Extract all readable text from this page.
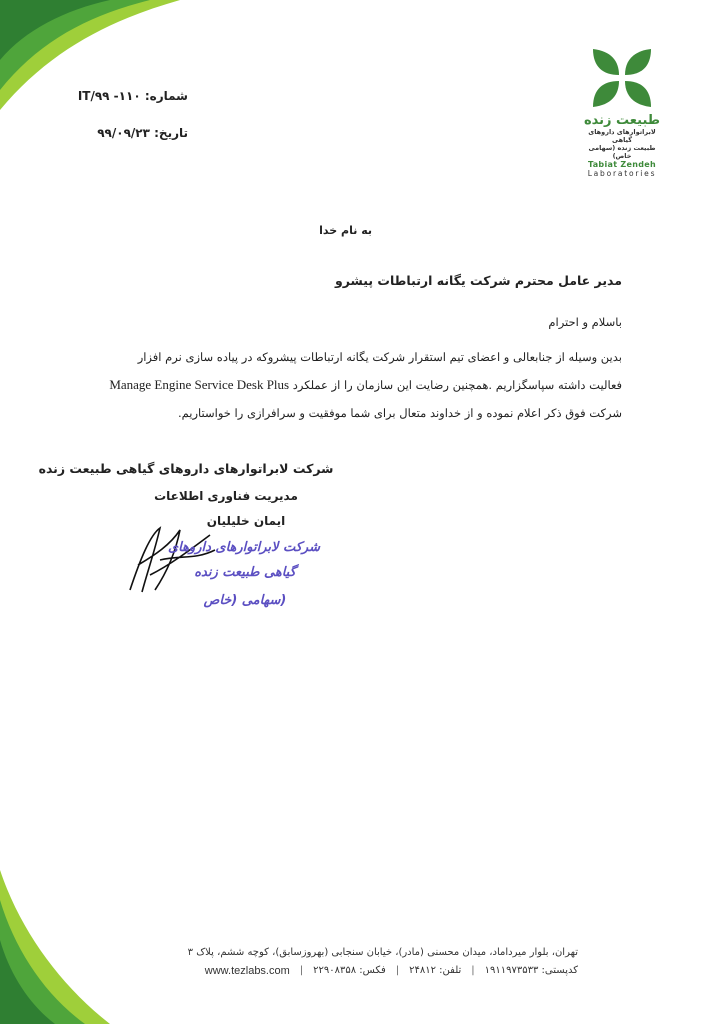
شماره: ۱۱۰- IT/۹۹
تاریخ: ۹۹/۰۹/۲۳
طبیعت زنده
لابراتوارهای داروهای گیاهی
طبیعت زنده (سهامی خاص)
Tabiat Zendeh
Laboratories
به نام خدا
مدیر عامل محترم شرکت یگانه ارتباطات پیشرو
باسلام و احترام
بدین وسیله از جنابعالی و اعضای تیم استقرار شرکت یگانه ارتباطات پیشروکه در پیاده سازی نرم افزار
فعالیت داشته سپاسگزاریم .همچنین رضایت این سازمان را از عملکرد Manage Engine Service Desk Plus
شرکت فوق ذکر اعلام نموده و از خداوند متعال برای شما موفقیت و سرافرازی را خواستاریم.
شرکت لابراتوارهای داروهای گیاهی طبیعت زنده
مدیریت فناوری اطلاعات
ایمان خلیلیان
شرکت لابراتوارهای داروهای
گیاهی طبیعت زنده
(سهامی (خاص
تهران، بلوار میرداماد، میدان محسنی (مادر)، خیابان سنجابی (بهروزسابق)، کوچه ششم، پلاک ۳
کدپستی: ۱۹۱۱۹۷۳۵۳۳
|
تلفن: ۲۴۸۱۲
|
فکس: ۲۲۹۰۸۳۵۸
|
www.tezlabs.com
